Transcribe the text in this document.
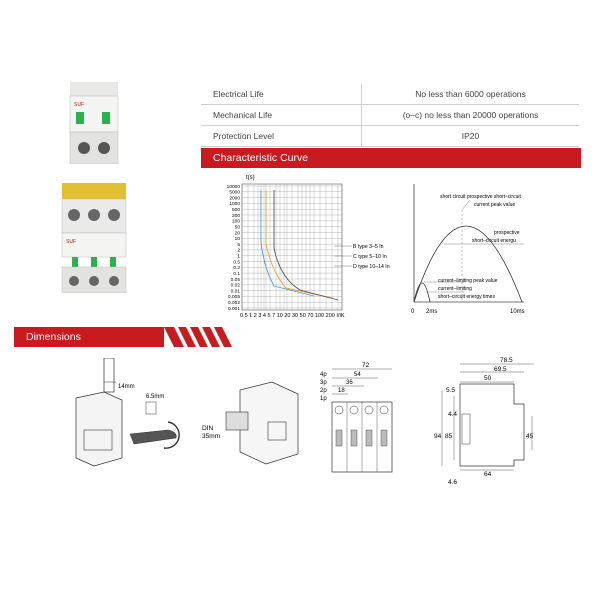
SUF
SUF
Electrical Life	No less than 6000 operations
Mechanical Life	(o–c) no less than 20000 operations
Protection Level	IP20
Characteristic Curve
t(s)
10000
5000
2000
1000
500
200
100
50
20
10
5
2
1
0.5
0.2
0.1
0.05
0.02
0.01
0.005
0.002
0.001
B type 3–5 In
C type 5–10 In
D type 10–14 In
0.5 1 2 3 4 5 7 10 20 30 50 70 100 200 I/IK
short circuit prospective short–circuit
current peak value
prospective
short–circuit energu
current–limiting peak value
current–limiting
short–circuit energy times
0 2ms	10ms
Dimensions
14mm
6.5mm
DIN
35mm
72
4p	54
3p	36
2p 18
1p
78.5
69.5
50
5.5
4.4
94 85	45
4.6
64
